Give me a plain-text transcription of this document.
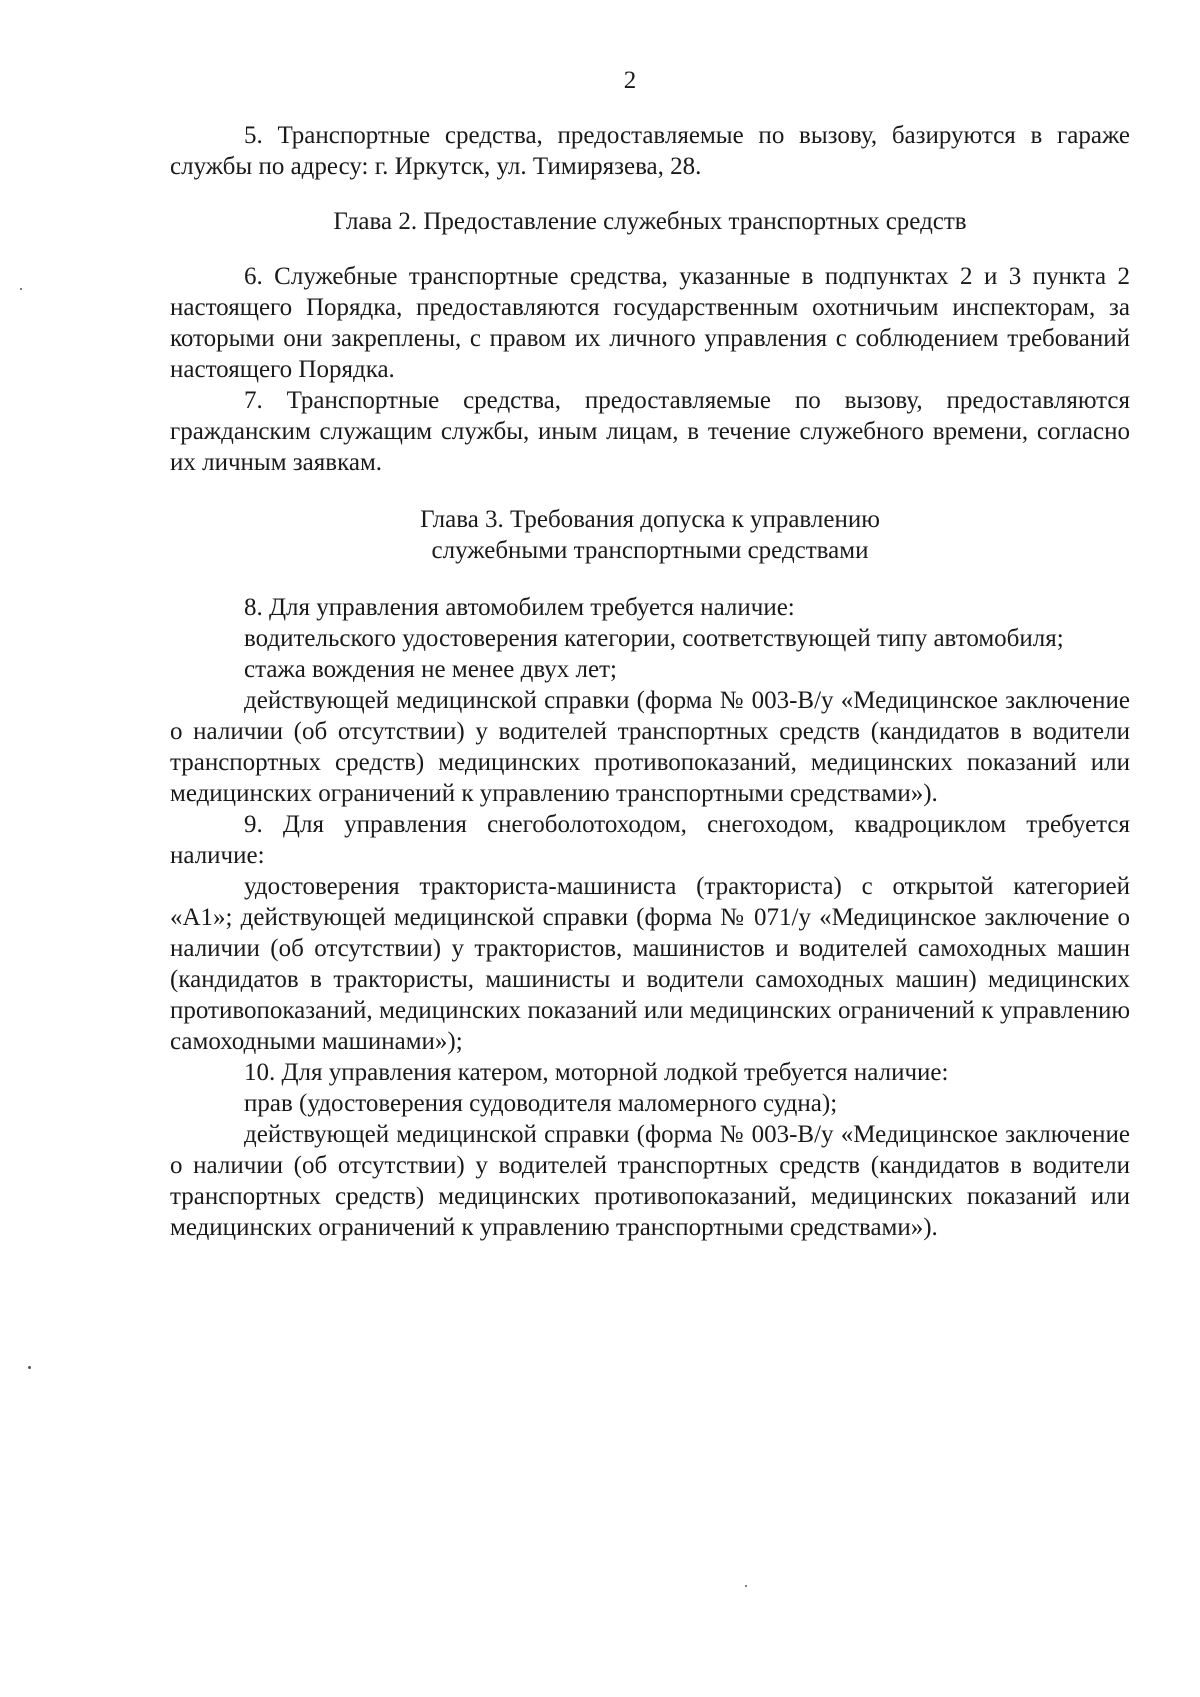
2

5. Транспортные средства, предоставляемые по вызову, базируются в гараже службы по адресу: г. Иркутск, ул. Тимирязева, 28.

Глава 2. Предоставление служебных транспортных средств

6. Служебные транспортные средства, указанные в подпунктах 2 и 3 пункта 2 настоящего Порядка, предоставляются государственным охотничьим инспекторам, за которыми они закреплены, с правом их личного управления с соблюдением требований настоящего Порядка.

7. Транспортные средства, предоставляемые по вызову, предоставляются гражданским служащим службы, иным лицам, в течение служебного времени, согласно их личным заявкам.

Глава 3. Требования допуска к управлению
служебными транспортными средствами

8. Для управления автомобилем требуется наличие:

водительского удостоверения категории, соответствующей типу автомобиля;

стажа вождения не менее двух лет;

действующей медицинской справки (форма № 003-В/у «Медицинское заключение о наличии (об отсутствии) у водителей транспортных средств (кандидатов в водители транспортных средств) медицинских противопоказаний, медицинских показаний или медицинских ограничений к управлению транспортными средствами»).

9. Для управления снегоболотоходом, снегоходом, квадроциклом требуется наличие:

удостоверения тракториста-машиниста (тракториста) с открытой категорией «А1»; действующей медицинской справки (форма № 071/у «Медицинское заключение о наличии (об отсутствии) у трактористов, машинистов и водителей самоходных машин (кандидатов в трактористы, машинисты и водители самоходных машин) медицинских противопоказаний, медицинских показаний или медицинских ограничений к управлению самоходными машинами»);

10. Для управления катером, моторной лодкой требуется наличие:

прав (удостоверения судоводителя маломерного судна);

действующей медицинской справки (форма № 003-В/у «Медицинское заключение о наличии (об отсутствии) у водителей транспортных средств (кандидатов в водители транспортных средств) медицинских противопоказаний, медицинских показаний или медицинских ограничений к управлению транспортными средствами»).
